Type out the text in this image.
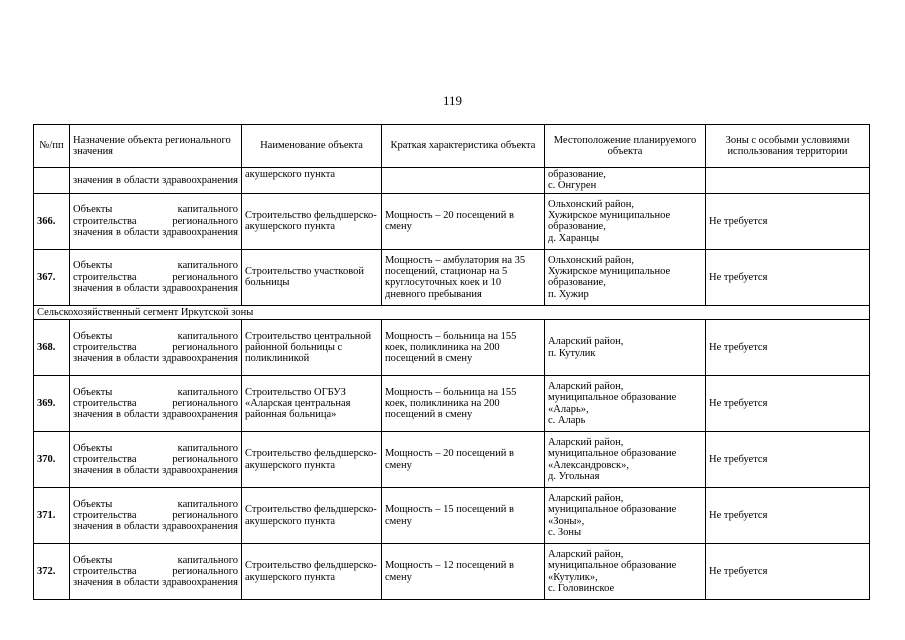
119
№/пп	Назначение объекта регионального значения	Наименование объекта	Краткая характеристика объекта	Местоположение планируемого объекта	Зоны с особыми условиями использования территории
	значения в области здравоохранения	акушерского пункта		образование,
с. Онгурен	

366.	Объекты капитального строительства регионального значения в области здравоохранения	Строительство фельдшерско-акушерского пункта	Мощность – 20 посещений в смену	Ольхонский район,
Хужирское муниципальное
образование,
д. Харанцы	Не требуется
367.	Объекты капитального строительства регионального значения в области здравоохранения	Строительство участковой больницы	Мощность – амбулатория на 35 посещений, стационар на 5 круглосуточных коек и 10 дневного пребывания	Ольхонский район,
Хужирское муниципальное
образование,
п. Хужир	Не требуется
Сельскохозяйственный сегмент Иркутской зоны					
368.	Объекты капитального строительства регионального значения в области здравоохранения	Строительство центральной районной больницы с поликлиникой	Мощность – больница на 155 коек, поликлиника на 200 посещений в смену	Аларский район,
п. Кутулик	Не требуется
369.	Объекты капитального строительства регионального значения в области здравоохранения	Строительство ОГБУЗ «Аларская центральная районная больница»	Мощность – больница на 155 коек, поликлиника на 200 посещений в смену	Аларский район,
муниципальное образование
«Аларь»,
с. Аларь	Не требуется
370.	Объекты капитального строительства регионального значения в области здравоохранения	Строительство фельдшерско-акушерского пункта	Мощность – 20 посещений в смену	Аларский район,
муниципальное образование
«Александровск»,
д. Угольная	Не требуется
371.	Объекты капитального строительства регионального значения в области здравоохранения	Строительство фельдшерско-акушерского пункта	Мощность – 15 посещений в смену	Аларский район,
муниципальное образование
«Зоны»,
с. Зоны	Не требуется
372.	Объекты капитального строительства регионального значения в области здравоохранения	Строительство фельдшерско-акушерского пункта	Мощность – 12 посещений в смену	Аларский район,
муниципальное образование
«Кутулик»,
с. Головинское	Не требуется
